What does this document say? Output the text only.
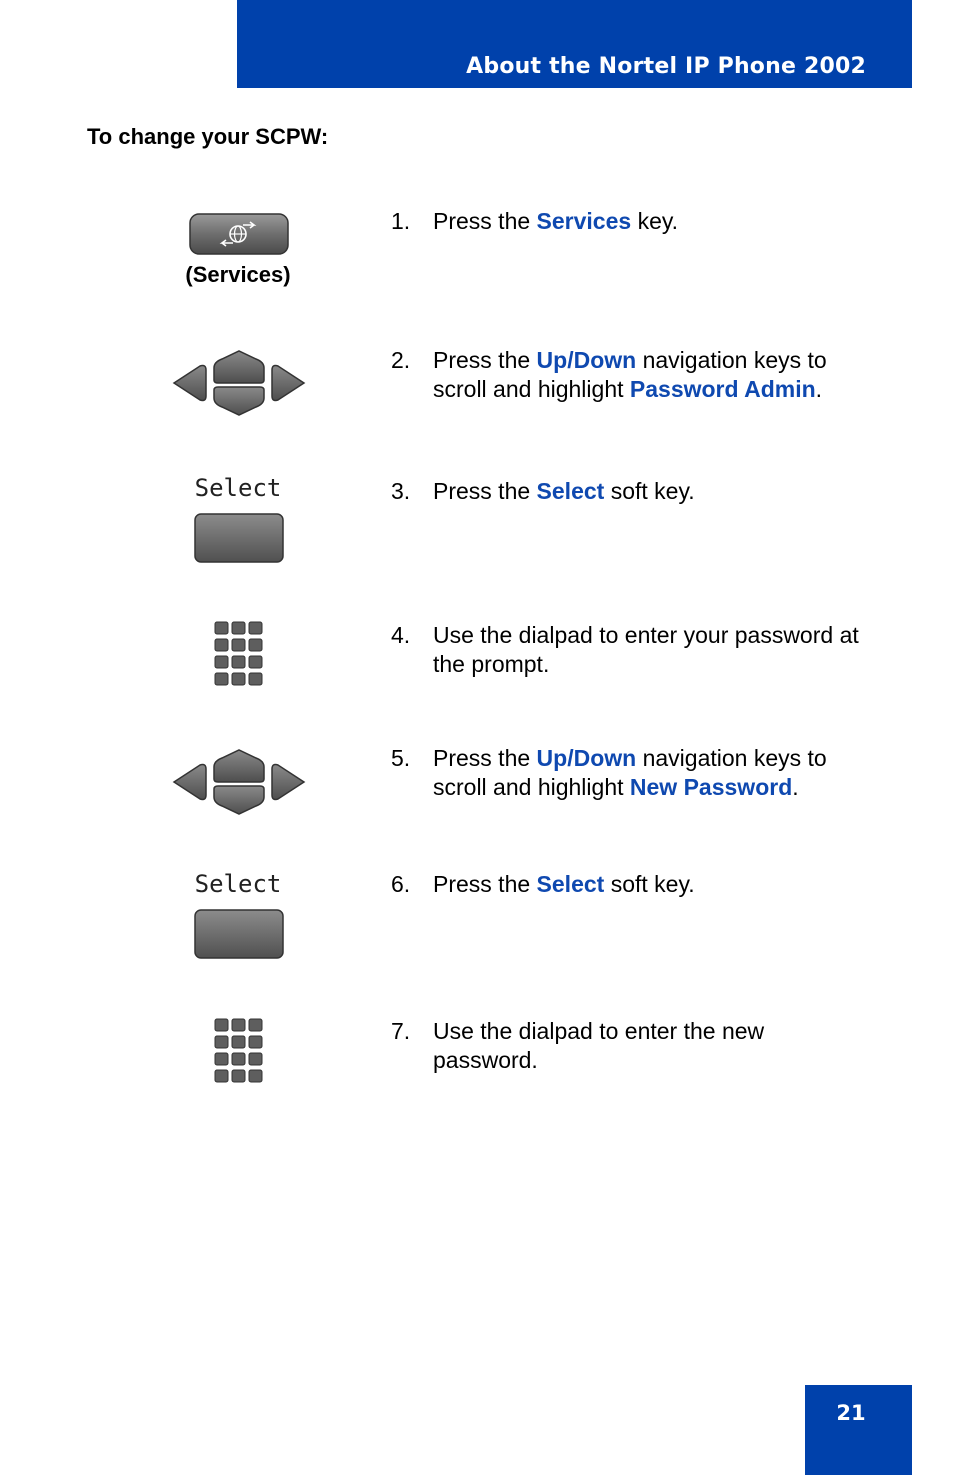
About the Nortel IP Phone 2002
To change your SCPW:
(Services)
1. Press the Services key.
2. Press the Up/Down navigation keys to scroll and highlight Password Admin.
Select	3. Press the Select soft key.
4. Use the dialpad to enter your password at the prompt.
5. Press the Up/Down navigation keys to scroll and highlight New Password.
Select	6. Press the Select soft key.
7. Use the dialpad to enter the new password.
21
